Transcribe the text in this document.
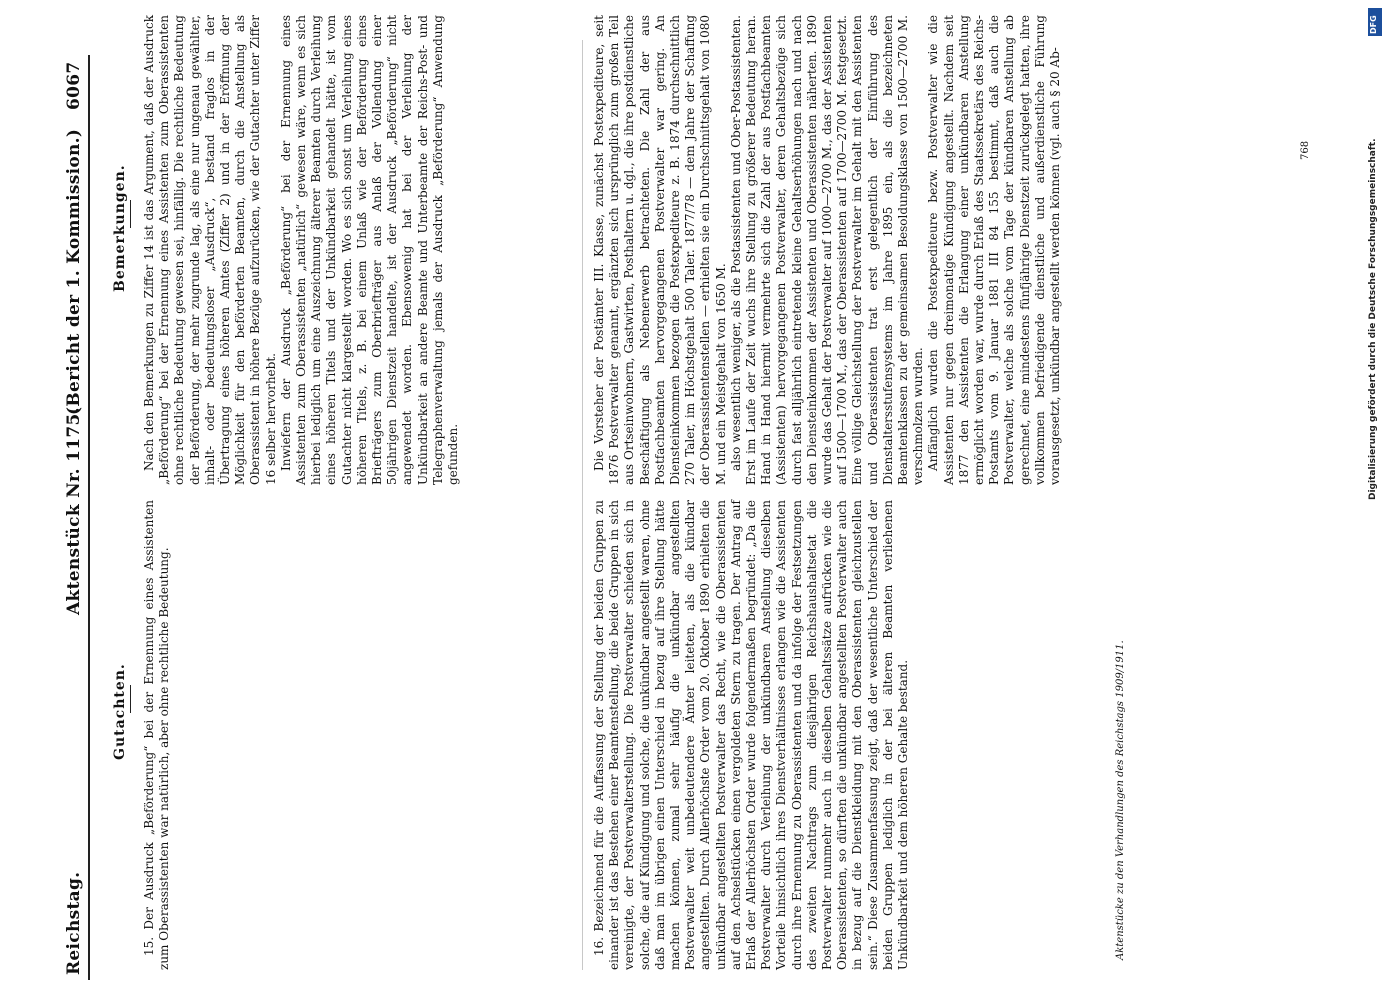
Reichstag.
Aktenstück Nr. 1175.
(Bericht der 1. Kommission.)
6067
Gutachten.
Bemerkungen.

15. Der Ausdruck „Beförderung“ bei der Ernennung eines Assistenten zum Oberassistenten war natürlich, aber ohne rechtliche Bedeutung.

Nach den Bemerkungen zu Ziffer 14 ist das Argument, daß der Ausdruck „Beförderung“ bei der Ernennung eines Assistenten zum Oberassistenten ohne rechtliche Bedeutung gewesen sei, hinfällig. Die rechtliche Bedeutung der Beförderung, der mehr zugrunde lag, als eine nur ungenau gewählter, inhalt- oder bedeutungsloser „Ausdruck“, bestand fraglos in der Übertragung eines höheren Amtes (Ziffer 2) und in der Eröffnung der Möglichkeit für den beförderten Beamten, durch die Anstellung als Oberassistent in höhere Bezüge aufzurücken, wie der Gutachter unter Ziffer 16 selber hervorhebt. Inwiefern der Ausdruck „Beförderung“ bei der Ernennung eines Assistenten zum Oberassistenten „natürlich“ gewesen wäre, wenn es sich hierbei lediglich um eine Auszeichnung älterer Beamten durch Verleihung eines höheren Titels und der Unkündbarkeit gehandelt hätte, ist vom Gutachter nicht klargestellt worden. Wo es sich sonst um Verleihung eines höheren Titels, z. B. bei einem Unlaß wie der Beförderung eines Briefträgers zum Oberbriefträger aus Anlaß der Vollendung einer 50jährigen Dienstzeit handelte, ist der Ausdruck „Beförderung“ nicht angewendet worden. Ebensowenig hat bei der Verleihung der Unkündbarkeit an andere Beamte und Unterbeamte der Reichs-Post- und Telegraphenverwaltung jemals der Ausdruck „Beförderung“ Anwendung gefunden.

16. Bezeichnend für die Auffassung der Stellung der beiden Gruppen zu einander ist das Bestehen einer Beamtenstellung, die beide Gruppen in sich vereinigte, der Postverwalterstellung. Die Postverwalter schieden sich in solche, die auf Kündigung und solche, die unkündbar angestellt waren, ohne daß man im übrigen einen Unterschied in bezug auf ihre Stellung hätte machen können, zumal sehr häufig die unkündbar angestellten Postverwalter weit unbedeutendere Ämter leiteten, als die kündbar angestellten. Durch Allerhöchste Order vom 20. Oktober 1890 erhielten die unkündbar angestellten Postverwalter das Recht, wie die Oberassistenten auf den Achselstücken einen vergoldeten Stern zu tragen. Der Antrag auf Erlaß der Allerhöchsten Order wurde folgendermaßen begründet: „Da die Postverwalter durch Verleihung der unkündbaren Anstellung dieselben Vorteile hinsichtlich ihres Dienstverhältnisses erlangen wie die Assistenten durch ihre Ernennung zu Oberassistenten und da infolge der Festsetzungen des zweiten Nachtrags zum diesjährigen Reichshaushaltsetat die Postverwalter nunmehr auch in dieselben Gehaltssätze aufrücken wie die Oberassistenten, so dürften die unkündbar angestellten Postverwalter auch in bezug auf die Dienstkleidung mit den Oberassistenten gleichzustellen sein.“ Diese Zusammenfassung zeigt, daß der wesentliche Unterschied der beiden Gruppen lediglich in der bei älteren Beamten verliehenen Unkündbarkeit und dem höheren Gehalte bestand.	Aktenstücke zu den Verhandlungen des Reichstags 1909/1911.

Die Vorsteher der Postämter III. Klasse, zunächst Postexpediteure, seit 1876 Postverwalter genannt, ergänzten sich ursprünglich zum großen Teil aus Ortseinwohnern, Gastwirten, Posthaltern u. dgl., die ihre postdienstliche Beschäftigung als Nebenerwerb betrachteten. Die Zahl der aus Postfachbeamten hervorgegangenen Postverwalter war gering. An Diensteinkommen bezogen die Postexpediteure z. B. 1874 durchschnittlich 270 Taler, im Höchstgehalt 500 Taler. 1877/78 — dem Jahre der Schaffung der Oberassistentenstellen — erhielten sie ein Durchschnittsgehalt von 1080 M. und ein Meistgehalt von 1650 M. also wesentlich weniger, als die Postassistenten und Ober-Postassistenten. Erst im Laufe der Zeit wuchs ihre Stellung zu größerer Bedeutung heran. Hand in Hand hiermit vermehrte sich die Zahl der aus Postfachbeamten (Assistenten) hervorgegangenen Postverwalter, deren Gehaltsbezüge sich durch fast alljährlich eintretende kleine Gehaltserhöhungen nach und nach den Diensteinkommen der Assistenten und Oberassistenten näherten. 1890 wurde das Gehalt der Postverwalter auf 1000—2700 M., das der Assistenten auf 1500—1700 M., das der Oberassistenten auf 1700—2700 M. festgesetzt. Eine völlige Gleichstellung der Postverwalter im Gehalt mit den Assistenten und Oberassistenten trat erst gelegentlich der Einführung des Dienstaltersstufensystems im Jahre 1895 ein, als die bezeichneten Beamtenklassen zu der gemeinsamen Besoldungsklasse von 1500—2700 M. verschmolzen wurden. Anfänglich wurden die Postexpediteure bezw. Postverwalter wie die Assistenten nur gegen dreimonatige Kündigung angestellt. Nachdem seit 1877 den Assistenten die Erlangung einer unkündbaren Anstellung ermöglicht worden war, wurde durch Erlaß des Staatssekretärs des Reichs-Postamts vom 9. Januar 1881 III 84 155 bestimmt, daß auch die Postverwalter, welche als solche vom Tage der kündbaren Anstellung ab gerechnet, eine mindestens fünfjährige Dienstzeit zurückgelegt hatten, ihre vollkommen befriedigende dienstliche und außerdienstliche Führung vorausgesetzt, unkündbar angestellt werden können (vgl. auch § 20 Ab-	768
DFG
Digitalisierung gefördert durch die Deutsche Forschungsgemeinschaft.
